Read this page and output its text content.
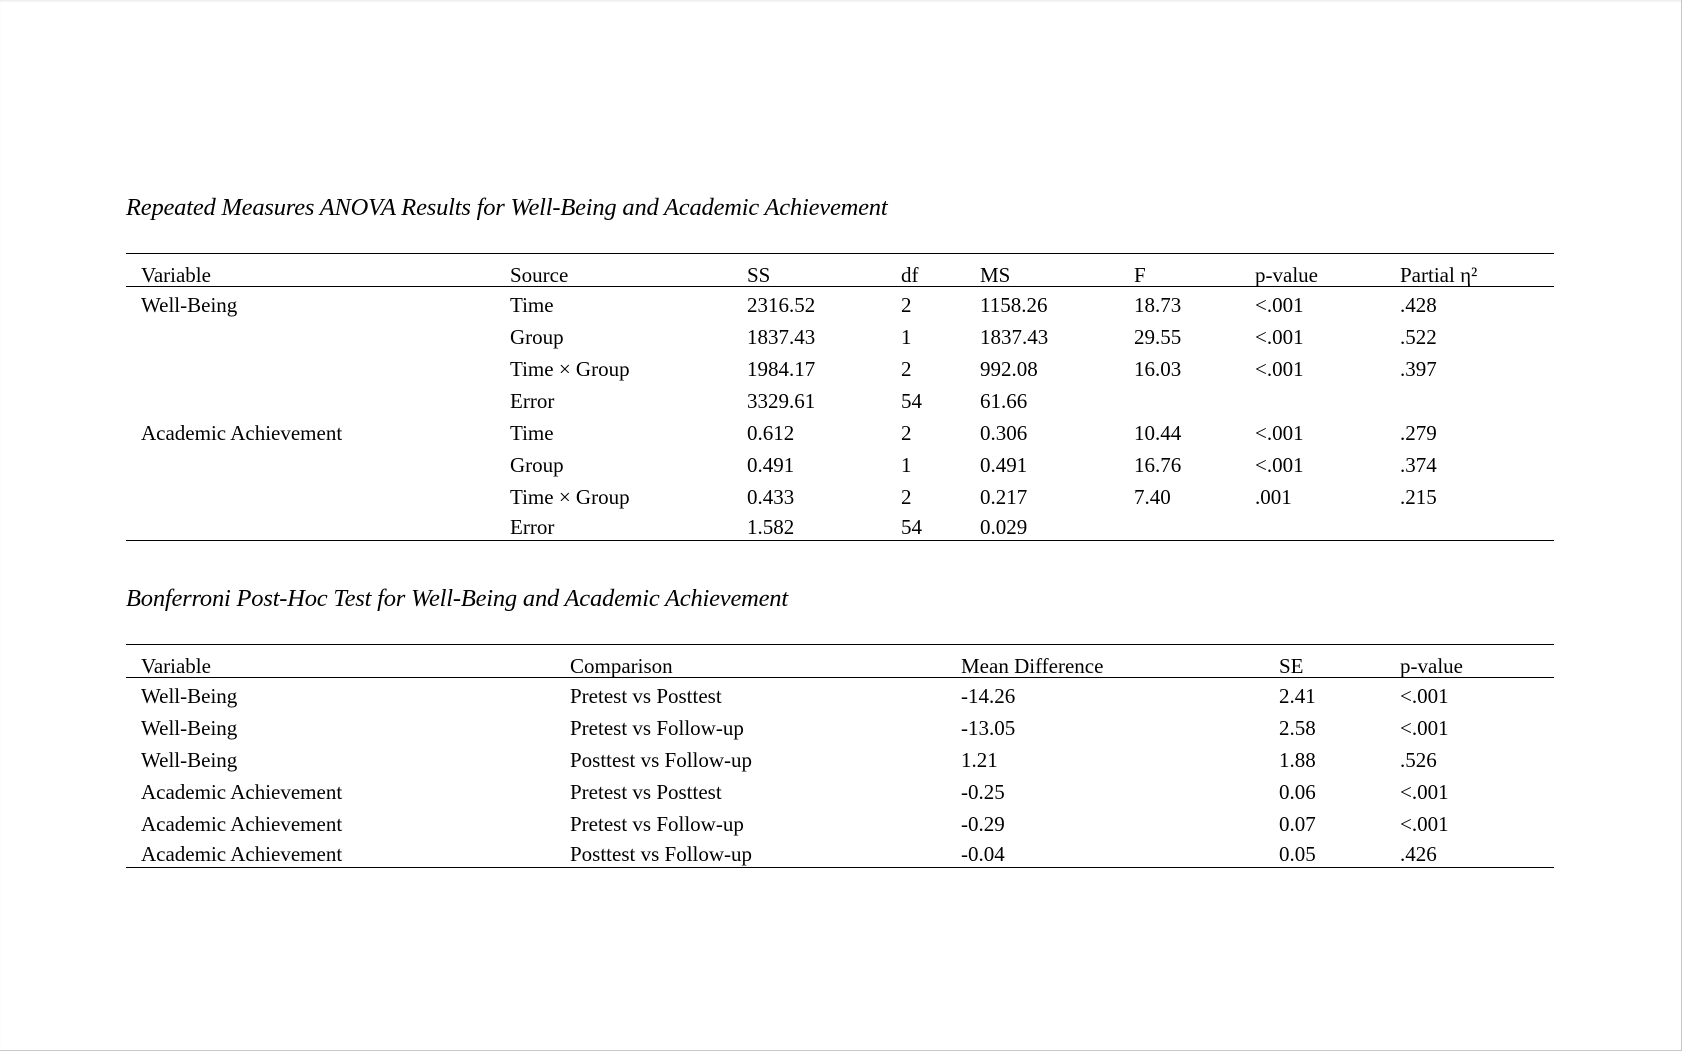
Repeated Measures ANOVA Results for Well-Being and Academic Achievement
Variable	Source	SS	df	MS	F	p-value	Partial η²
Well-Being	Time	2316.52	2	1158.26	18.73	<.001	.428
	Group	1837.43	1	1837.43	29.55	<.001	.522
	Time × Group	1984.17	2	992.08	16.03	<.001	.397
	Error	3329.61	54	61.66			
Academic Achievement	Time	0.612	2	0.306	10.44	<.001	.279
	Group	0.491	1	0.491	16.76	<.001	.374
	Time × Group	0.433	2	0.217	7.40	.001	.215
	Error	1.582	54	0.029			
Bonferroni Post-Hoc Test for Well-Being and Academic Achievement
Variable	Comparison	Mean Difference	SE	p-value
Well-Being	Pretest vs Posttest	-14.26	2.41	<.001
Well-Being	Pretest vs Follow-up	-13.05	2.58	<.001
Well-Being	Posttest vs Follow-up	1.21	1.88	.526
Academic Achievement	Pretest vs Posttest	-0.25	0.06	<.001
Academic Achievement	Pretest vs Follow-up	-0.29	0.07	<.001
Academic Achievement	Posttest vs Follow-up	-0.04	0.05	.426
